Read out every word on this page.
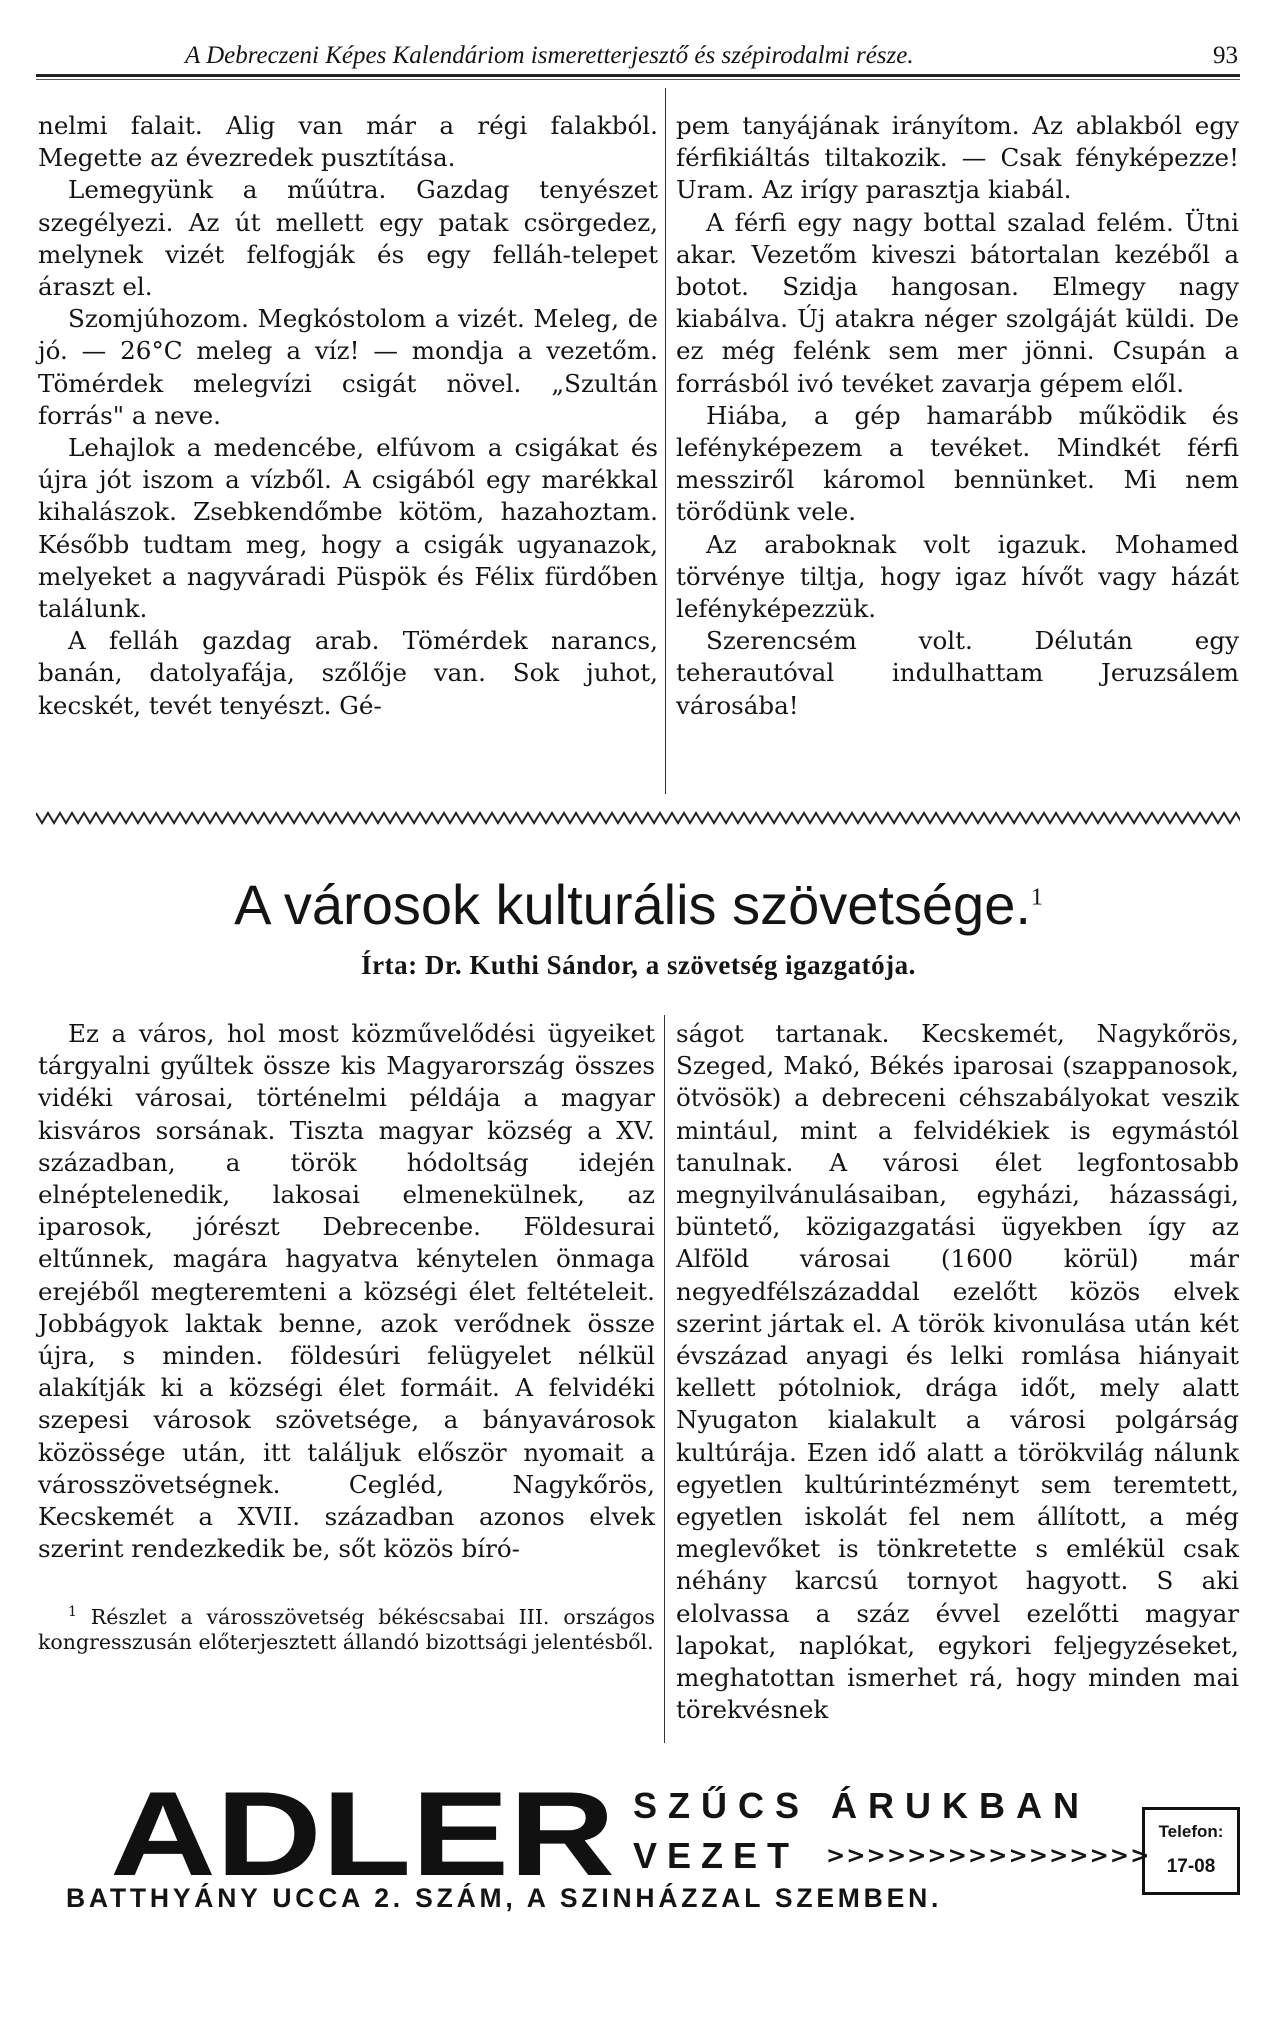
A Debreczeni Képes Kalendáriom ismeretterjesztő és szépirodalmi része.	93

nelmi falait. Alig van már a régi falakból. Megette az évezredek pusztítása.

Lemegyünk a műútra. Gazdag tenyészet szegélyezi. Az út mellett egy patak csörgedez, melynek vizét felfogják és egy felláh-telepet áraszt el.

Szomjúhozom. Megkóstolom a vizét. Meleg, de jó. — 26°C meleg a víz! — mondja a vezetőm. Tömérdek melegvízi csigát növel. „Szultán forrás" a neve.

Lehajlok a medencébe, elfúvom a csigákat és újra jót iszom a vízből. A csigából egy marékkal kihalászok. Zsebkendőmbe kötöm, hazahoztam. Később tudtam meg, hogy a csigák ugyanazok, melyeket a nagyváradi Püspök és Félix fürdőben találunk.

A felláh gazdag arab. Tömérdek narancs, banán, datolyafája, szőlője van. Sok juhot, kecskét, tevét tenyészt. Gé-

pem tanyájának irányítom. Az ablakból egy férfikiáltás tiltakozik. — Csak fényképezze! Uram. Az irígy parasztja kiabál.

A férfi egy nagy bottal szalad felém. Ütni akar. Vezetőm kiveszi bátortalan kezéből a botot. Szidja hangosan. Elmegy nagy kiabálva. Új atakra néger szolgáját küldi. De ez még felénk sem mer jönni. Csupán a forrásból ivó tevéket zavarja gépem elől.

Hiába, a gép hamarább működik és lefényképezem a tevéket. Mindkét férfi messziről káromol bennünket. Mi nem törődünk vele.

Az araboknak volt igazuk. Mohamed törvénye tiltja, hogy igaz hívőt vagy házát lefényképezzük.

Szerencsém volt. Délután egy teherautóval indulhattam Jeruzsálem városába!

A városok kulturális szövetsége.$^1$
Írta: Dr. Kuthi Sándor, a szövetség igazgatója.

Ez a város, hol most közművelődési ügyeiket tárgyalni gyűltek össze kis Magyarország összes vidéki városai, történelmi példája a magyar kisváros sorsának. Tiszta magyar község a XV. században, a török hódoltság idején elnéptelenedik, lakosai elmenekülnek, az iparosok, jórészt Debrecenbe. Földesurai eltűnnek, magára hagyatva kénytelen önmaga erejéből megteremteni a községi élet feltételeit. Jobbágyok laktak benne, azok verődnek össze újra, s minden. földesúri felügyelet nélkül alakítják ki a községi élet formáit. A felvidéki szepesi városok szövetsége, a bányavárosok közössége után, itt találjuk először nyomait a városszövetségnek. Cegléd, Nagykőrös, Kecskemét a XVII. században azonos elvek szerint rendezkedik be, sőt közös bíró-

ságot tartanak. Kecskemét, Nagykőrös, Szeged, Makó, Békés iparosai (szappanosok, ötvösök) a debreceni céhszabályokat veszik mintául, mint a felvidékiek is egymástól tanulnak. A városi élet legfontosabb megnyilvánulásaiban, egyházi, házassági, büntető, közigazgatási ügyekben így az Alföld városai (1600 körül) már negyedfélszázaddal ezelőtt közös elvek szerint jártak el. A török kivonulása után két évszázad anyagi és lelki romlása hiányait kellett pótolniok, drága időt, mely alatt Nyugaton kialakult a városi polgárság kultúrája. Ezen idő alatt a törökvilág nálunk egyetlen kultúrintézményt sem teremtett, egyetlen iskolát fel nem állított, a még meglevőket is tönkretette s emlékül csak néhány karcsú tornyot hagyott. S aki elolvassa a száz évvel ezelőtti magyar lapokat, naplókat, egykori feljegyzéseket, meghatottan ismerhet rá, hogy minden mai törekvésnek

$^1$ Részlet a városszövetség békéscsabai III. országos kongresszusán előterjesztett állandó bizottsági jelentésből.

ADLER SZŰCS ÁRUKBAN
VEZET >>>>>>>>>>>>>>>>
BATTHYÁNY UCCA 2. SZÁM, A SZINHÁZZAL SZEMBEN.
Telefon:
17-08
